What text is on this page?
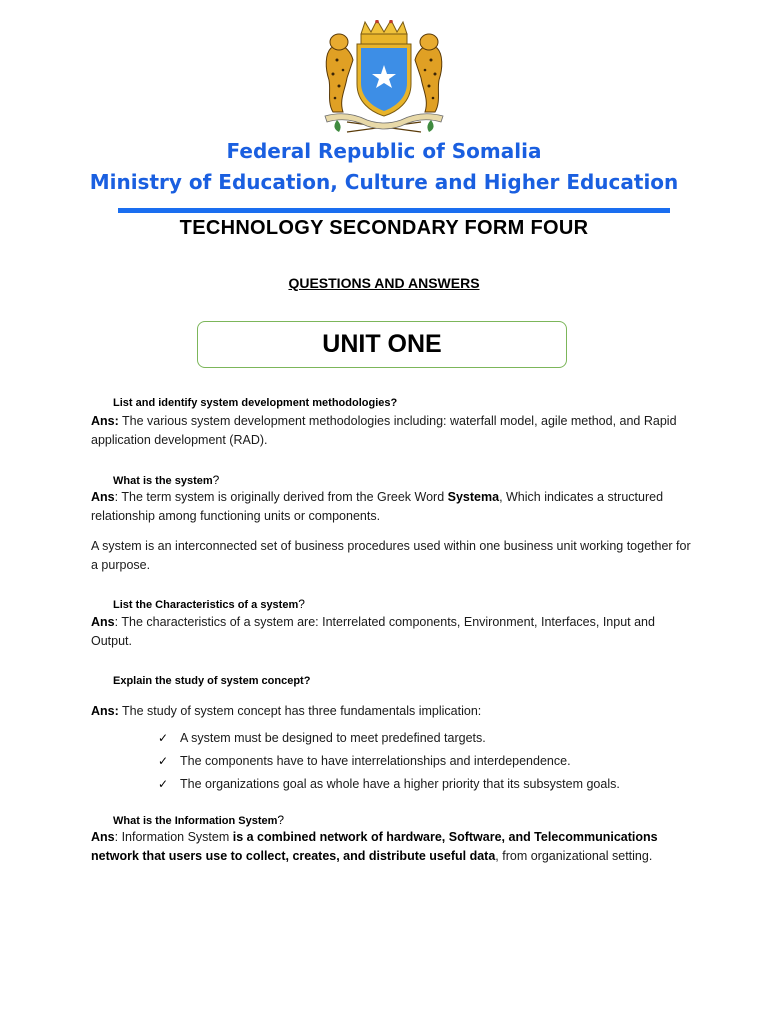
Federal Republic of Somalia
Ministry of Education, Culture and Higher Education
TECHNOLOGY SECONDARY FORM FOUR
QUESTIONS AND ANSWERS
UNIT ONE
List and identify system development methodologies?
Ans: The various system development methodologies including: waterfall model, agile method, and Rapid application development (RAD).
What is the system?
Ans: The term system is originally derived from the Greek Word Systema, Which indicates a structured relationship among functioning units or components.
A system is an interconnected set of business procedures used within one business unit working together for a purpose.
List the Characteristics of a system?
Ans: The characteristics of a system are: Interrelated components, Environment, Interfaces, Input and Output.
Explain the study of system concept?
Ans: The study of system concept has three fundamentals implication:
✓ A system must be designed to meet predefined targets.
✓ The components have to have interrelationships and interdependence.
✓ The organizations goal as whole have a higher priority that its subsystem goals.
What is the Information System?
Ans: Information System is a combined network of hardware, Software, and Telecommunications network that users use to collect, creates, and distribute useful data, from organizational setting.
